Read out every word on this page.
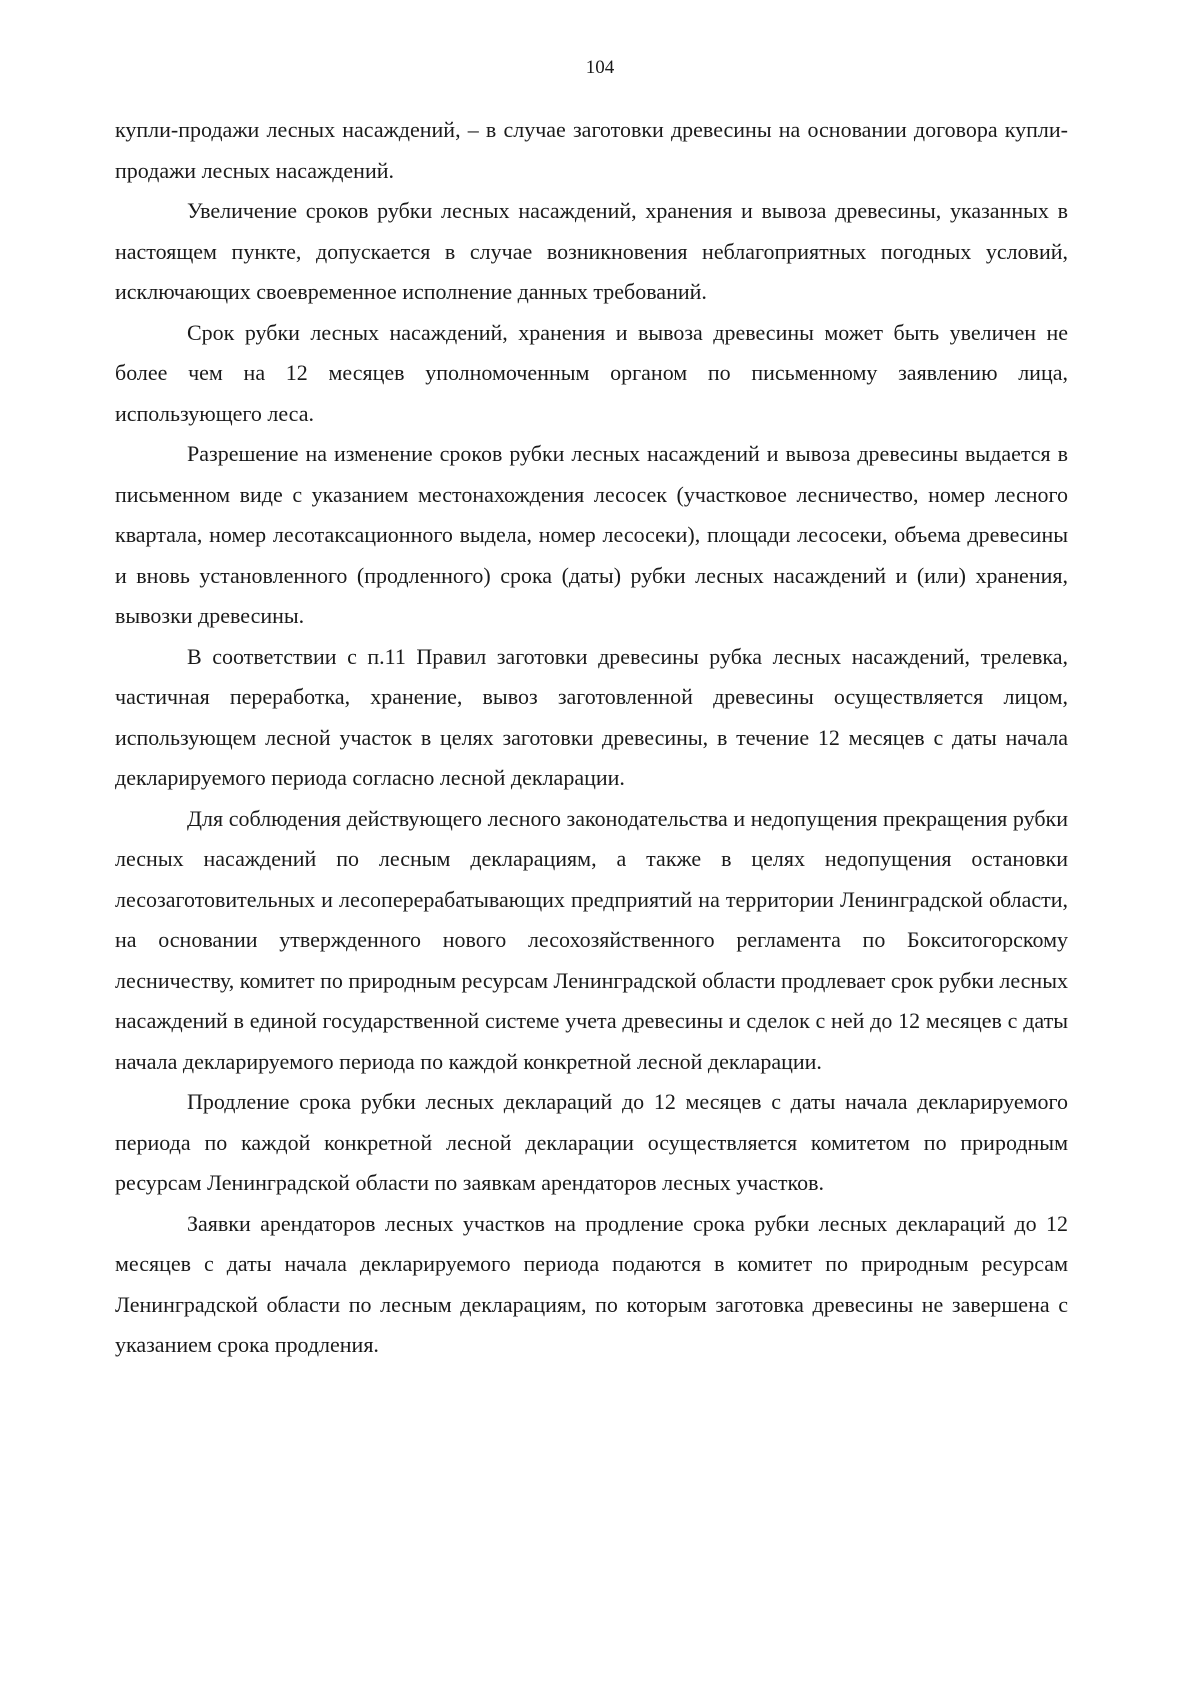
104

купли-продажи лесных насаждений, – в случае заготовки древесины на основании договора купли-продажи лесных насаждений.

Увеличение сроков рубки лесных насаждений, хранения и вывоза древесины, указанных в настоящем пункте, допускается в случае возникновения неблагоприятных погодных условий, исключающих своевременное исполнение данных требований.

Срок рубки лесных насаждений, хранения и вывоза древесины может быть увеличен не более чем на 12 месяцев уполномоченным органом по письменному заявлению лица, использующего леса.

Разрешение на изменение сроков рубки лесных насаждений и вывоза древесины выдается в письменном виде с указанием местонахождения лесосек (участковое лесничество, номер лесного квартала, номер лесотаксационного выдела, номер лесосеки), площади лесосеки, объема древесины и вновь установленного (продленного) срока (даты) рубки лесных насаждений и (или) хранения, вывозки древесины.

В соответствии с п.11 Правил заготовки древесины рубка лесных насаждений, трелевка, частичная переработка, хранение, вывоз заготовленной древесины осуществляется лицом, использующем лесной участок в целях заготовки древесины, в течение 12 месяцев с даты начала декларируемого периода согласно лесной декларации.

Для соблюдения действующего лесного законодательства и недопущения прекращения рубки лесных насаждений по лесным декларациям, а также в целях недопущения остановки лесозаготовительных и лесоперерабатывающих предприятий на территории Ленинградской области, на основании утвержденного нового лесохозяйственного регламента по Бокситогорскому лесничеству, комитет по природным ресурсам Ленинградской области продлевает срок рубки лесных насаждений в единой государственной системе учета древесины и сделок с ней до 12 месяцев с даты начала декларируемого периода по каждой конкретной лесной декларации.

Продление срока рубки лесных деклараций до 12 месяцев с даты начала декларируемого периода по каждой конкретной лесной декларации осуществляется комитетом по природным ресурсам Ленинградской области по заявкам арендаторов лесных участков.

Заявки арендаторов лесных участков на продление срока рубки лесных деклараций до 12 месяцев с даты начала декларируемого периода подаются в комитет по природным ресурсам Ленинградской области по лесным декларациям, по которым заготовка древесины не завершена с указанием срока продления.
